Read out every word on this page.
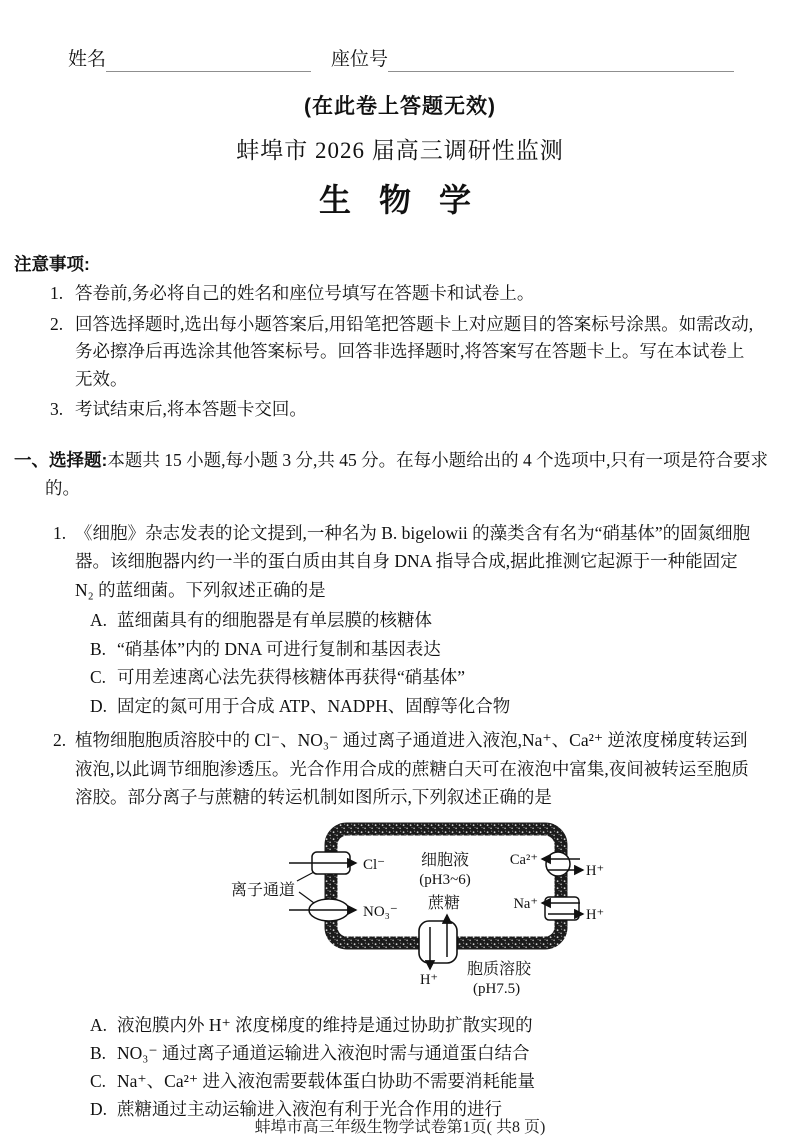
姓名	座位号
(在此卷上答题无效)
蚌埠市 2026 届高三调研性监测
生 物 学
注意事项:
1. 答卷前,务必将自己的姓名和座位号填写在答题卡和试卷上。
2. 回答选择题时,选出每小题答案后,用铅笔把答题卡上对应题目的答案标号涂黑。如需改动,务必擦净后再选涂其他答案标号。回答非选择题时,将答案写在答题卡上。写在本试卷上无效。
3. 考试结束后,将本答题卡交回。
一、选择题:本题共 15 小题,每小题 3 分,共 45 分。在每小题给出的 4 个选项中,只有一项是符合要求的。
1. 《细胞》杂志发表的论文提到,一种名为 B. bigelowii 的藻类含有名为“硝基体”的固氮细胞器。该细胞器内约一半的蛋白质由其自身 DNA 指导合成,据此推测它起源于一种能固定 N₂ 的蓝细菌。下列叙述正确的是
A. 蓝细菌具有的细胞器是有单层膜的核糖体
B. “硝基体”内的 DNA 可进行复制和基因表达
C. 可用差速离心法先获得核糖体再获得“硝基体”
D. 固定的氮可用于合成 ATP、NADPH、固醇等化合物
2. 植物细胞胞质溶胶中的 Cl⁻、NO₃⁻ 通过离子通道进入液泡,Na⁺、Ca²⁺ 逆浓度梯度转运到液泡,以此调节细胞渗透压。光合作用合成的蔗糖白天可在液泡中富集,夜间被转运至胞质溶胶。部分离子与蔗糖的转运机制如图所示,下列叙述正确的是
Cl⁻
NO₃⁻
离子通道
细胞液
(pH3~6)
Ca²⁺
H⁺
Na⁺
H⁺
蔗糖
H⁺
胞质溶胶
(pH7.5)
A. 液泡膜内外 H⁺ 浓度梯度的维持是通过协助扩散实现的
B. NO₃⁻ 通过离子通道运输进入液泡时需与通道蛋白结合
C. Na⁺、Ca²⁺ 进入液泡需要载体蛋白协助不需要消耗能量
D. 蔗糖通过主动运输进入液泡有利于光合作用的进行
蚌埠市高三年级生物学试卷第1页( 共8 页)
